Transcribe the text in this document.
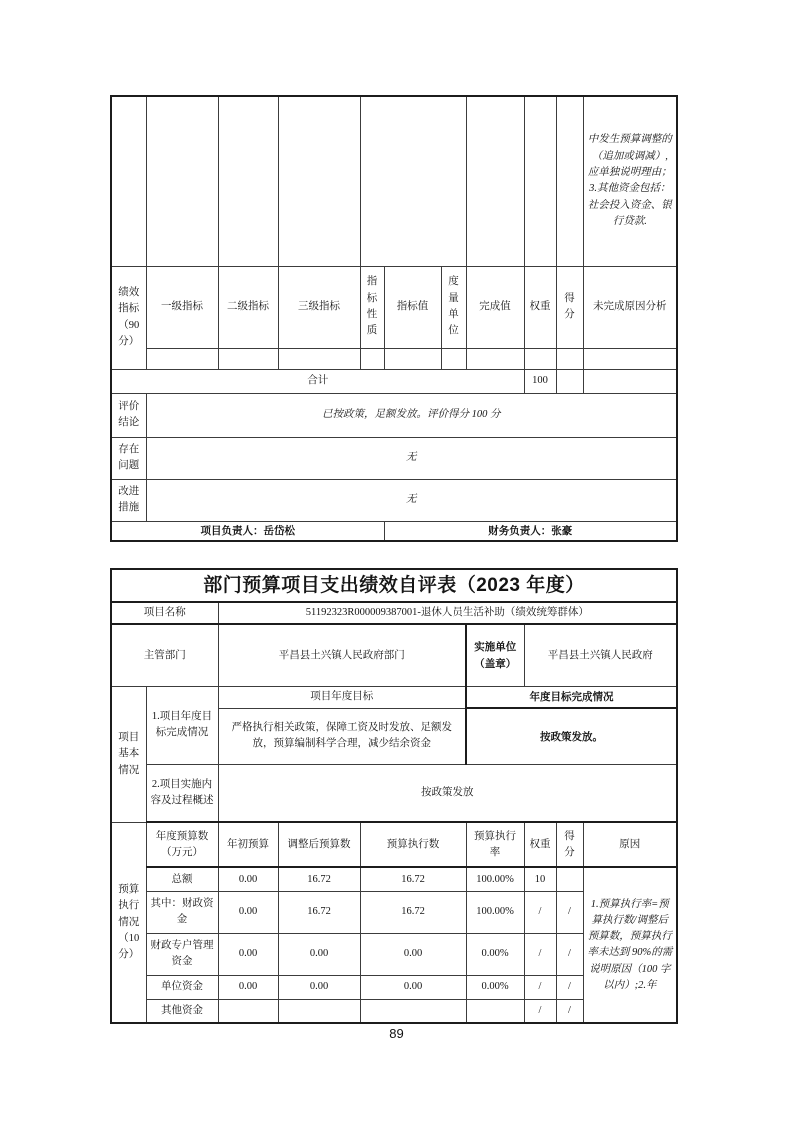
										中发生预算调整的（追加或调减）,应单独说明理由；3.其他资金包括：社会投入资金、银行贷款.
绩效指标（90分）	一级指标	二级指标	三级指标	指标性质	指标值	度量单位	完成值	权重	得分	未完成原因分析

合计								100		
评价结论	已按政策，足额发放。评价得分 100 分									
存在问题	无									
改进措施	无									
项目负责人：岳岱松					财务负责人：张豪					
部门预算项目支出绩效自评表（2023 年度）								
项目名称		51192323R000009387001-退休人员生活补助（绩效统筹群体）						
主管部门		平昌县土兴镇人民政府部门			实施单位（盖章）	平昌县土兴镇人民政府		
项目基本情况	1.项目年度目标完成情况	项目年度目标			年度目标完成情况			
		严格执行相关政策，保障工资及时发放、足额发放，预算编制科学合理，减少结余资金			按政策发放。			
	2.项目实施内容及过程概述	按政策发放						
预算执行情况（10分）	年度预算数（万元）	年初预算	调整后预算数	预算执行数	预算执行率	权重	得分	原因
	总额	0.00	16.72	16.72	100.00%	10		1.预算执行率=预算执行数/调整后预算数，预算执行率未达到 90%的需说明原因（100 字以内）;2.年
	其中：财政资金	0.00	16.72	16.72	100.00%	/	/	
	财政专户管理资金	0.00	0.00	0.00	0.00%	/	/	
	单位资金	0.00	0.00	0.00	0.00%	/	/	
	其他资金					/	/	
89
